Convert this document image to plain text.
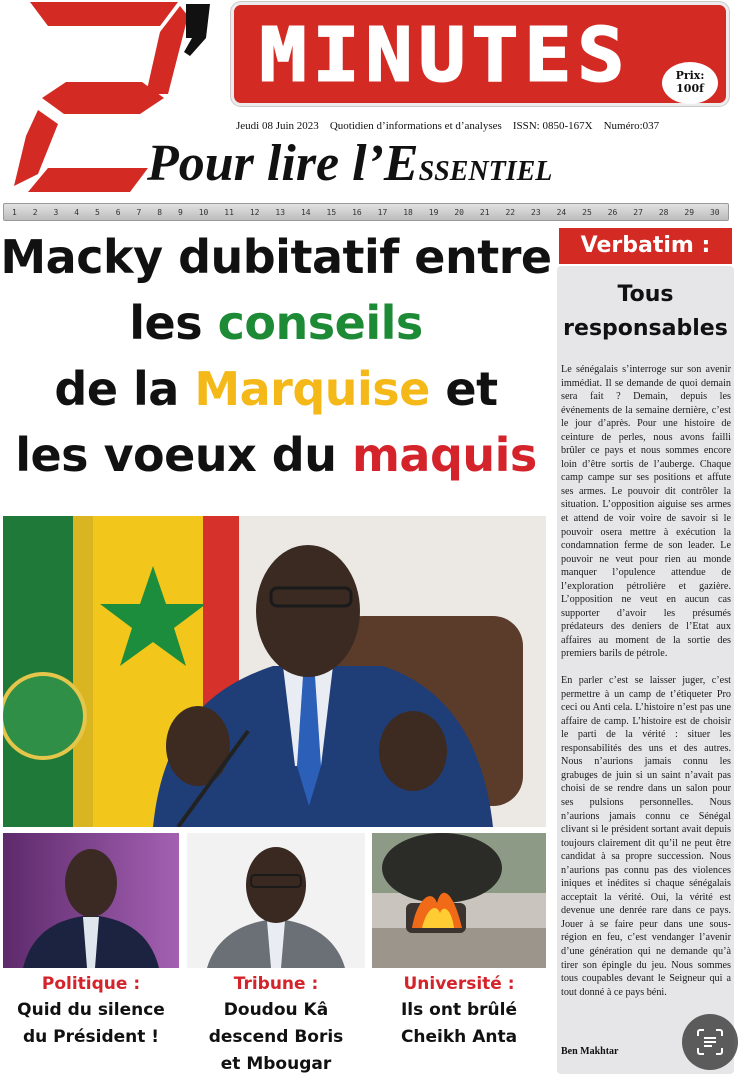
MINUTES	Prix:
100f
Jeudi 08 Juin 2023 Quotidien d’informations et d’analyses ISSN: 0850-167X Numéro:037
Pour lire l’Essentiel
1 2 3 4 5 6 7 8 9 10 11 12 13 14 15 16 17 18 19 20 21 22 23 24 25 26 27 28 29 30
Macky dubitatif entre
les conseils
de la Marquise et
les voeux du maquis
Politique :
Quid du silence
du Président !
Tribune :
Doudou Kâ
descend Boris
et Mbougar
Université :
Ils ont brûlé
Cheikh Anta
Verbatim :
Tous
responsables

Le sénégalais s’interroge sur son avenir immédiat. Il se demande de quoi demain sera fait ? Demain, depuis les événements de la semaine dernière, c’est le jour d’après. Pour une histoire de ceinture de perles, nous avons failli brûler ce pays et nous sommes encore loin d’être sortis de l’auberge. Chaque camp campe sur ses positions et affute ses armes. Le pouvoir dit contrôler la situation. L’opposition aiguise ses armes et attend de voir voire de savoir si le pouvoir osera mettre à exécution la condamnation ferme de son leader. Le pouvoir ne veut pour rien au monde manquer l’opulence attendue de l’exploration pétrolière et gazière. L’opposition ne veut en aucun cas supporter d’avoir les présumés prédateurs des deniers de l’Etat aux affaires au moment de la sortie des premiers barils de pétrole.

En parler c’est se laisser juger, c’est permettre à un camp de t’étiqueter Pro ceci ou Anti cela. L’histoire n’est pas une affaire de camp. L’histoire est de choisir le parti de la vérité : situer les responsabilités des uns et des autres. Nous n’aurions jamais connu les grabuges de juin si un saint n’avait pas choisi de se rendre dans un salon pour ses pulsions personnelles. Nous n’aurions jamais connu ce Sénégal clivant si le président sortant avait depuis toujours clairement dit qu’il ne peut être candidat à sa propre succession. Nous n’aurions pas connu pas des violences iniques et inédites si chaque sénégalais acceptait la vérité. Oui, la vérité est devenue une denrée rare dans ce pays. Jouer à se faire peur dans une sous-région en feu, c’est vendanger l’avenir d’une génération qui ne demande qu’à tirer son épingle du jeu. Nous sommes tous coupables devant le Seigneur qui a tout donné à ce pays béni.

Ben Makhtar
